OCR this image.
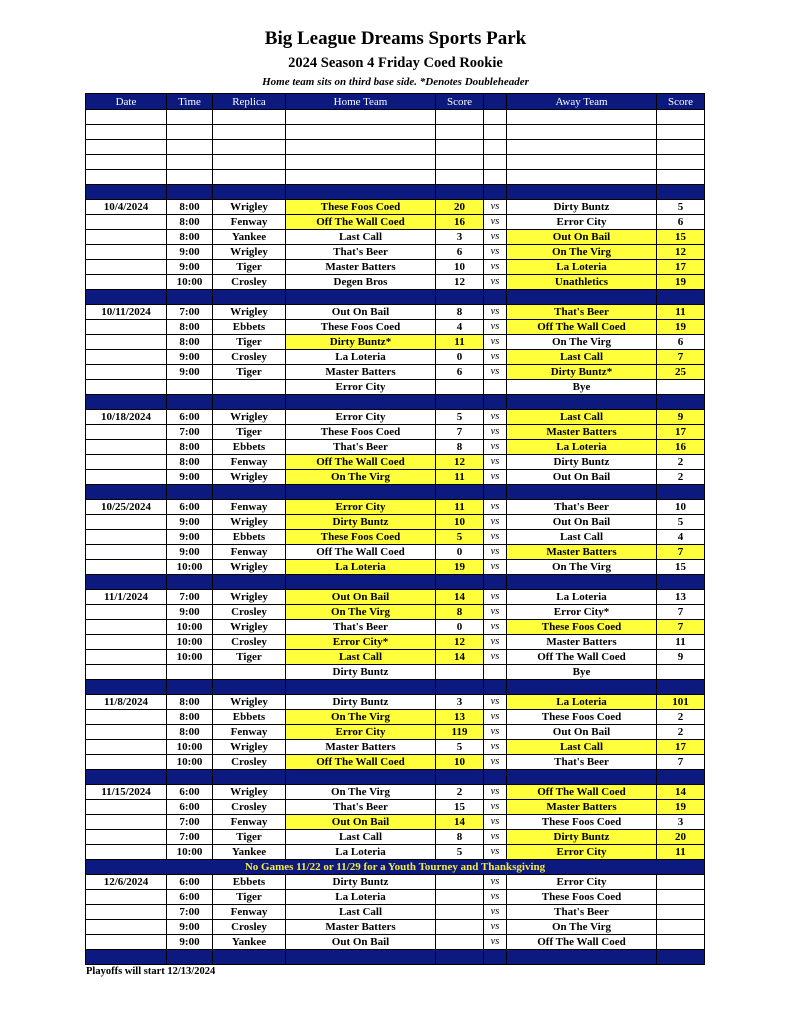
Big League Dreams Sports Park
2024 Season 4 Friday Coed Rookie
Home team sits on third base side. *Denotes Doubleheader
Date	Time	Replica	Home Team	Score		Away Team	Score

10/4/2024	8:00	Wrigley	These Foos Coed	20	vs	Dirty Buntz	5
	8:00	Fenway	Off The Wall Coed	16	vs	Error City	6
	8:00	Yankee	Last Call	3	vs	Out On Bail	15
	9:00	Wrigley	That's Beer	6	vs	On The Virg	12
	9:00	Tiger	Master Batters	10	vs	La Loteria	17
	10:00	Crosley	Degen Bros	12	vs	Unathletics	19

10/11/2024	7:00	Wrigley	Out On Bail	8	vs	That's Beer	11
	8:00	Ebbets	These Foos Coed	4	vs	Off The Wall Coed	19
	8:00	Tiger	Dirty Buntz*	11	vs	On The Virg	6
	9:00	Crosley	La Loteria	0	vs	Last Call	7
	9:00	Tiger	Master Batters	6	vs	Dirty Buntz*	25
			Error City			Bye	

10/18/2024	6:00	Wrigley	Error City	5	vs	Last Call	9
	7:00	Tiger	These Foos Coed	7	vs	Master Batters	17
	8:00	Ebbets	That's Beer	8	vs	La Loteria	16
	8:00	Fenway	Off The Wall Coed	12	vs	Dirty Buntz	2
	9:00	Wrigley	On The Virg	11	vs	Out On Bail	2

10/25/2024	6:00	Fenway	Error City	11	vs	That's Beer	10
	9:00	Wrigley	Dirty Buntz	10	vs	Out On Bail	5
	9:00	Ebbets	These Foos Coed	5	vs	Last Call	4
	9:00	Fenway	Off The Wall Coed	0	vs	Master Batters	7
	10:00	Wrigley	La Loteria	19	vs	On The Virg	15

11/1/2024	7:00	Wrigley	Out On Bail	14	vs	La Loteria	13
	9:00	Crosley	On The Virg	8	vs	Error City*	7
	10:00	Wrigley	That's Beer	0	vs	These Foos Coed	7
	10:00	Crosley	Error City*	12	vs	Master Batters	11
	10:00	Tiger	Last Call	14	vs	Off The Wall Coed	9
			Dirty Buntz			Bye	

11/8/2024	8:00	Wrigley	Dirty Buntz	3	vs	La Loteria	101
	8:00	Ebbets	On The Virg	13	vs	These Foos Coed	2
	8:00	Fenway	Error City	119	vs	Out On Bail	2
	10:00	Wrigley	Master Batters	5	vs	Last Call	17
	10:00	Crosley	Off The Wall Coed	10	vs	That's Beer	7

11/15/2024	6:00	Wrigley	On The Virg	2	vs	Off The Wall Coed	14
	6:00	Crosley	That's Beer	15	vs	Master Batters	19
	7:00	Fenway	Out On Bail	14	vs	These Foos Coed	3
	7:00	Tiger	Last Call	8	vs	Dirty Buntz	20
	10:00	Yankee	La Loteria	5	vs	Error City	11
No Games 11/22 or 11/29 for a Youth Tourney and Thanksgiving							
12/6/2024	6:00	Ebbets	Dirty Buntz		vs	Error City	
	6:00	Tiger	La Loteria		vs	These Foos Coed	
	7:00	Fenway	Last Call		vs	That's Beer	
	9:00	Crosley	Master Batters		vs	On The Virg	
	9:00	Yankee	Out On Bail		vs	Off The Wall Coed	

Playoffs will start 12/13/2024
